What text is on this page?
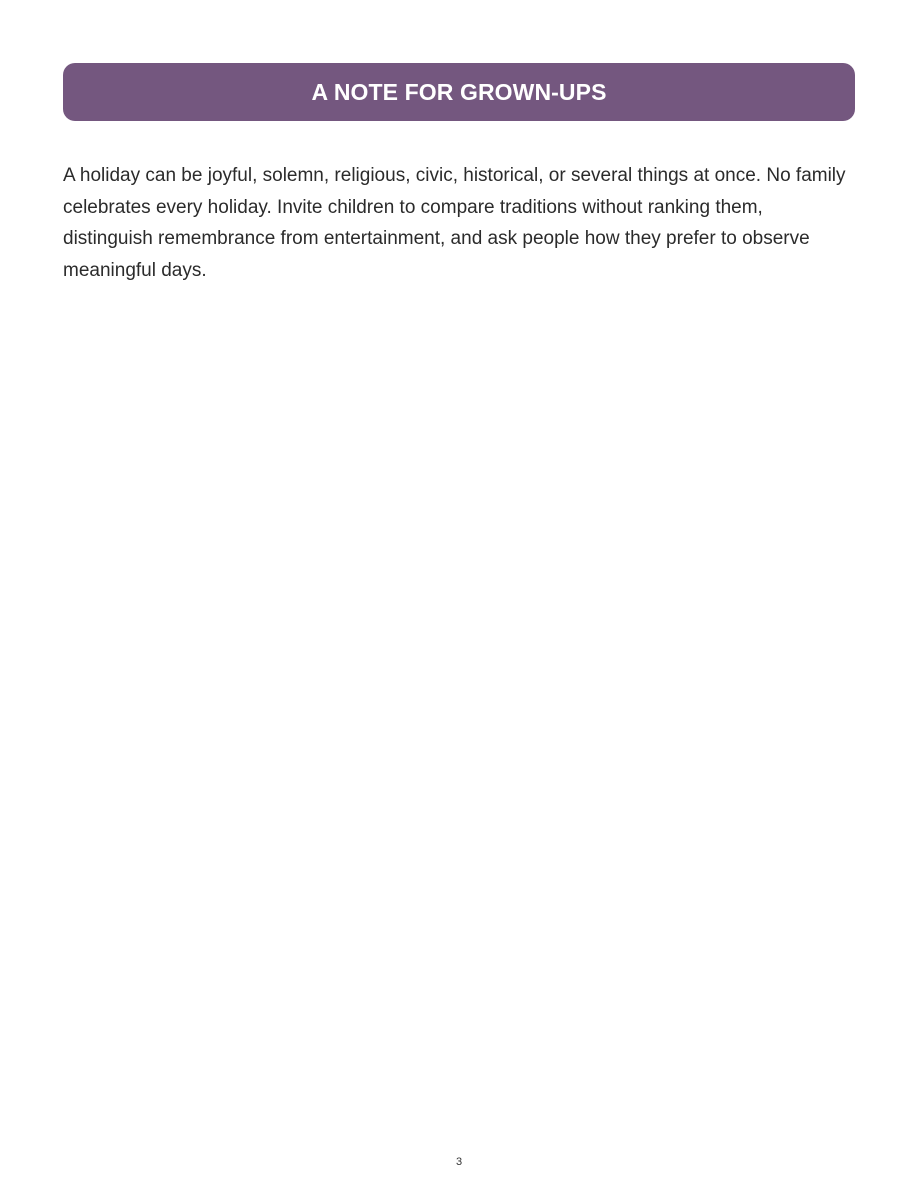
A NOTE FOR GROWN-UPS

A holiday can be joyful, solemn, religious, civic, historical, or several things at once. No family celebrates every holiday. Invite children to compare traditions without ranking them, distinguish remembrance from entertainment, and ask people how they prefer to observe meaningful days.

3
